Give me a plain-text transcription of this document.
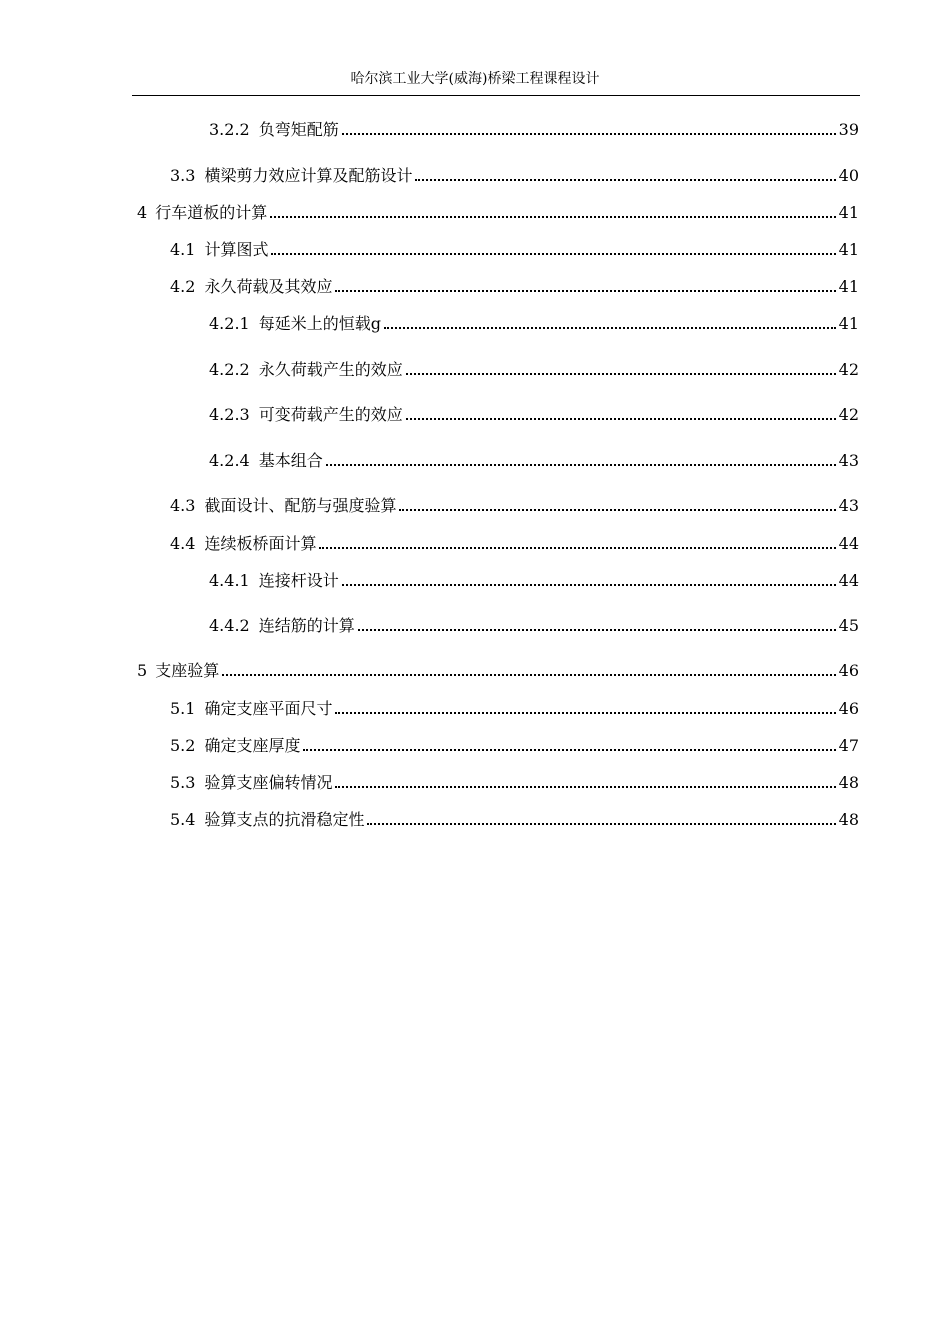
哈尔滨工业大学(威海)桥梁工程课程设计
3.2.2 负弯矩配筋	39
3.3 横梁剪力效应计算及配筋设计	40
4 行车道板的计算	41
4.1 计算图式	41
4.2 永久荷载及其效应	41
4.2.1 每延米上的恒载g	41
4.2.2 永久荷载产生的效应	42
4.2.3 可变荷载产生的效应	42
4.2.4 基本组合	43
4.3 截面设计、配筋与强度验算	43
4.4 连续板桥面计算	44
4.4.1 连接杆设计	44
4.4.2 连结筋的计算	45
5 支座验算	46
5.1 确定支座平面尺寸	46
5.2 确定支座厚度	47
5.3 验算支座偏转情况	48
5.4 验算支点的抗滑稳定性	48
